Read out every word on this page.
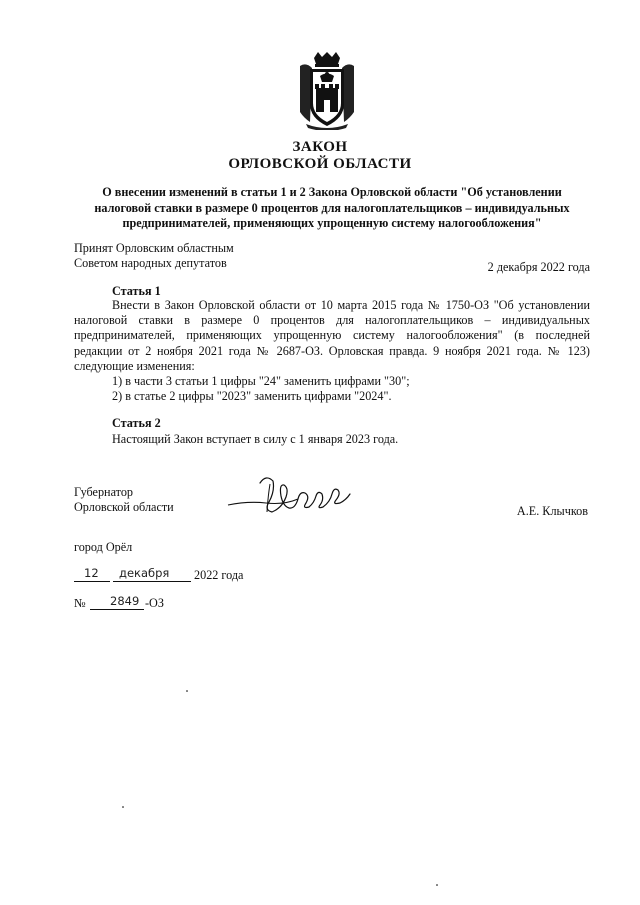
ЗАКОН
ОРЛОВСКОЙ ОБЛАСТИ
О внесении изменений в статьи 1 и 2 Закона Орловской области "Об установлении налоговой ставки в размере 0 процентов для налогоплательщиков – индивидуальных предпринимателей, применяющих упрощенную систему налогообложения"
Принят Орловским областным
Советом народных депутатов	2 декабря 2022 года
Статья 1
Внести в Закон Орловской области от 10 марта 2015 года № 1750-ОЗ "Об установлении налоговой ставки в размере 0 процентов для налогоплательщиков – индивидуальных предпринимателей, применяющих упрощенную систему налогообложения" (в последней редакции от 2 ноября 2021 года № 2687-ОЗ. Орловская правда. 9 ноября 2021 года. № 123) следующие изменения:
1) в части 3 статьи 1 цифры "24" заменить цифрами "30";
2) в статье 2 цифры "2023" заменить цифрами "2024".
Статья 2
Настоящий Закон вступает в силу с 1 января 2023 года.
Губернатор
Орловской области	А.Е. Клычков
город Орёл
12 декабря 2022 года
№ 2849 -ОЗ
